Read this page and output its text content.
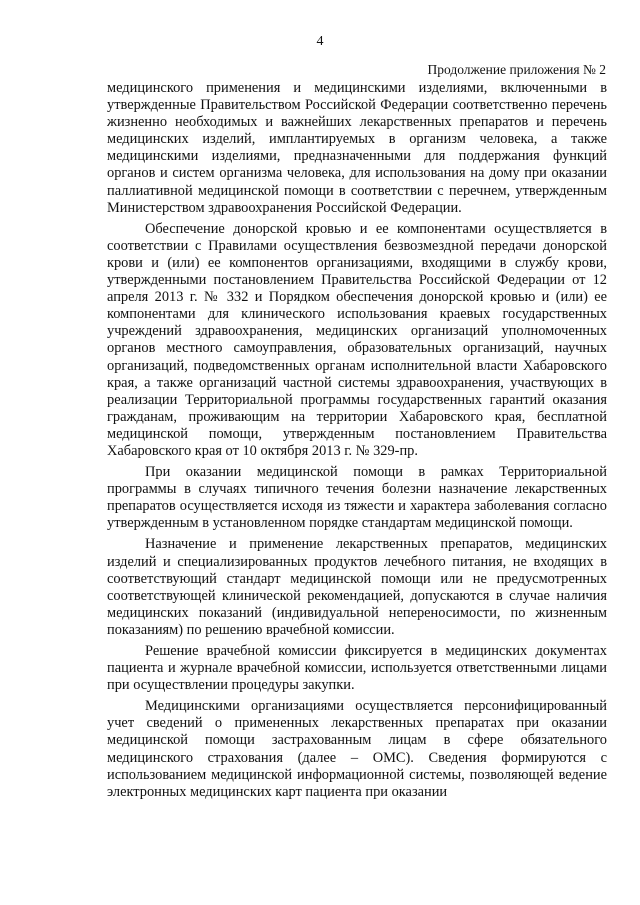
4
Продолжение приложения № 2

медицинского применения и медицинскими изделиями, включенными в утвержденные Правительством Российской Федерации соответственно перечень жизненно необходимых и важнейших лекарственных препаратов и перечень медицинских изделий, имплантируемых в организм человека, а также медицинскими изделиями, предназначенными для поддержания функций органов и систем организма человека, для использования на дому при оказании паллиативной медицинской помощи в соответствии с перечнем, утвержденным Министерством здравоохранения Российской Федерации.

Обеспечение донорской кровью и ее компонентами осуществляется в соответствии с Правилами осуществления безвозмездной передачи донорской крови и (или) ее компонентов организациями, входящими в службу крови, утвержденными постановлением Правительства Российской Федерации от 12 апреля 2013 г. № 332 и Порядком обеспечения донорской кровью и (или) ее компонентами для клинического использования краевых государственных учреждений здравоохранения, медицинских организаций уполномоченных органов местного самоуправления, образовательных организаций, научных организаций, подведомственных органам исполнительной власти Хабаровского края, а также организаций частной системы здравоохранения, участвующих в реализации Территориальной программы государственных гарантий оказания гражданам, проживающим на территории Хабаровского края, бесплатной медицинской помощи, утвержденным постановлением Правительства Хабаровского края от 10 октября 2013 г. № 329-пр.

При оказании медицинской помощи в рамках Территориальной программы в случаях типичного течения болезни назначение лекарственных препаратов осуществляется исходя из тяжести и характера заболевания согласно утвержденным в установленном порядке стандартам медицинской помощи.

Назначение и применение лекарственных препаратов, медицинских изделий и специализированных продуктов лечебного питания, не входящих в соответствующий стандарт медицинской помощи или не предусмотренных соответствующей клинической рекомендацией, допускаются в случае наличия медицинских показаний (индивидуальной непереносимости, по жизненным показаниям) по решению врачебной комиссии.

Решение врачебной комиссии фиксируется в медицинских документах пациента и журнале врачебной комиссии, используется ответственными лицами при осуществлении процедуры закупки.

Медицинскими организациями осуществляется персонифицированный учет сведений о примененных лекарственных препаратах при оказании медицинской помощи застрахованным лицам в сфере обязательного медицинского страхования (далее – ОМС). Сведения формируются с использованием медицинской информационной системы, позволяющей ведение электронных медицинских карт пациента при оказании
